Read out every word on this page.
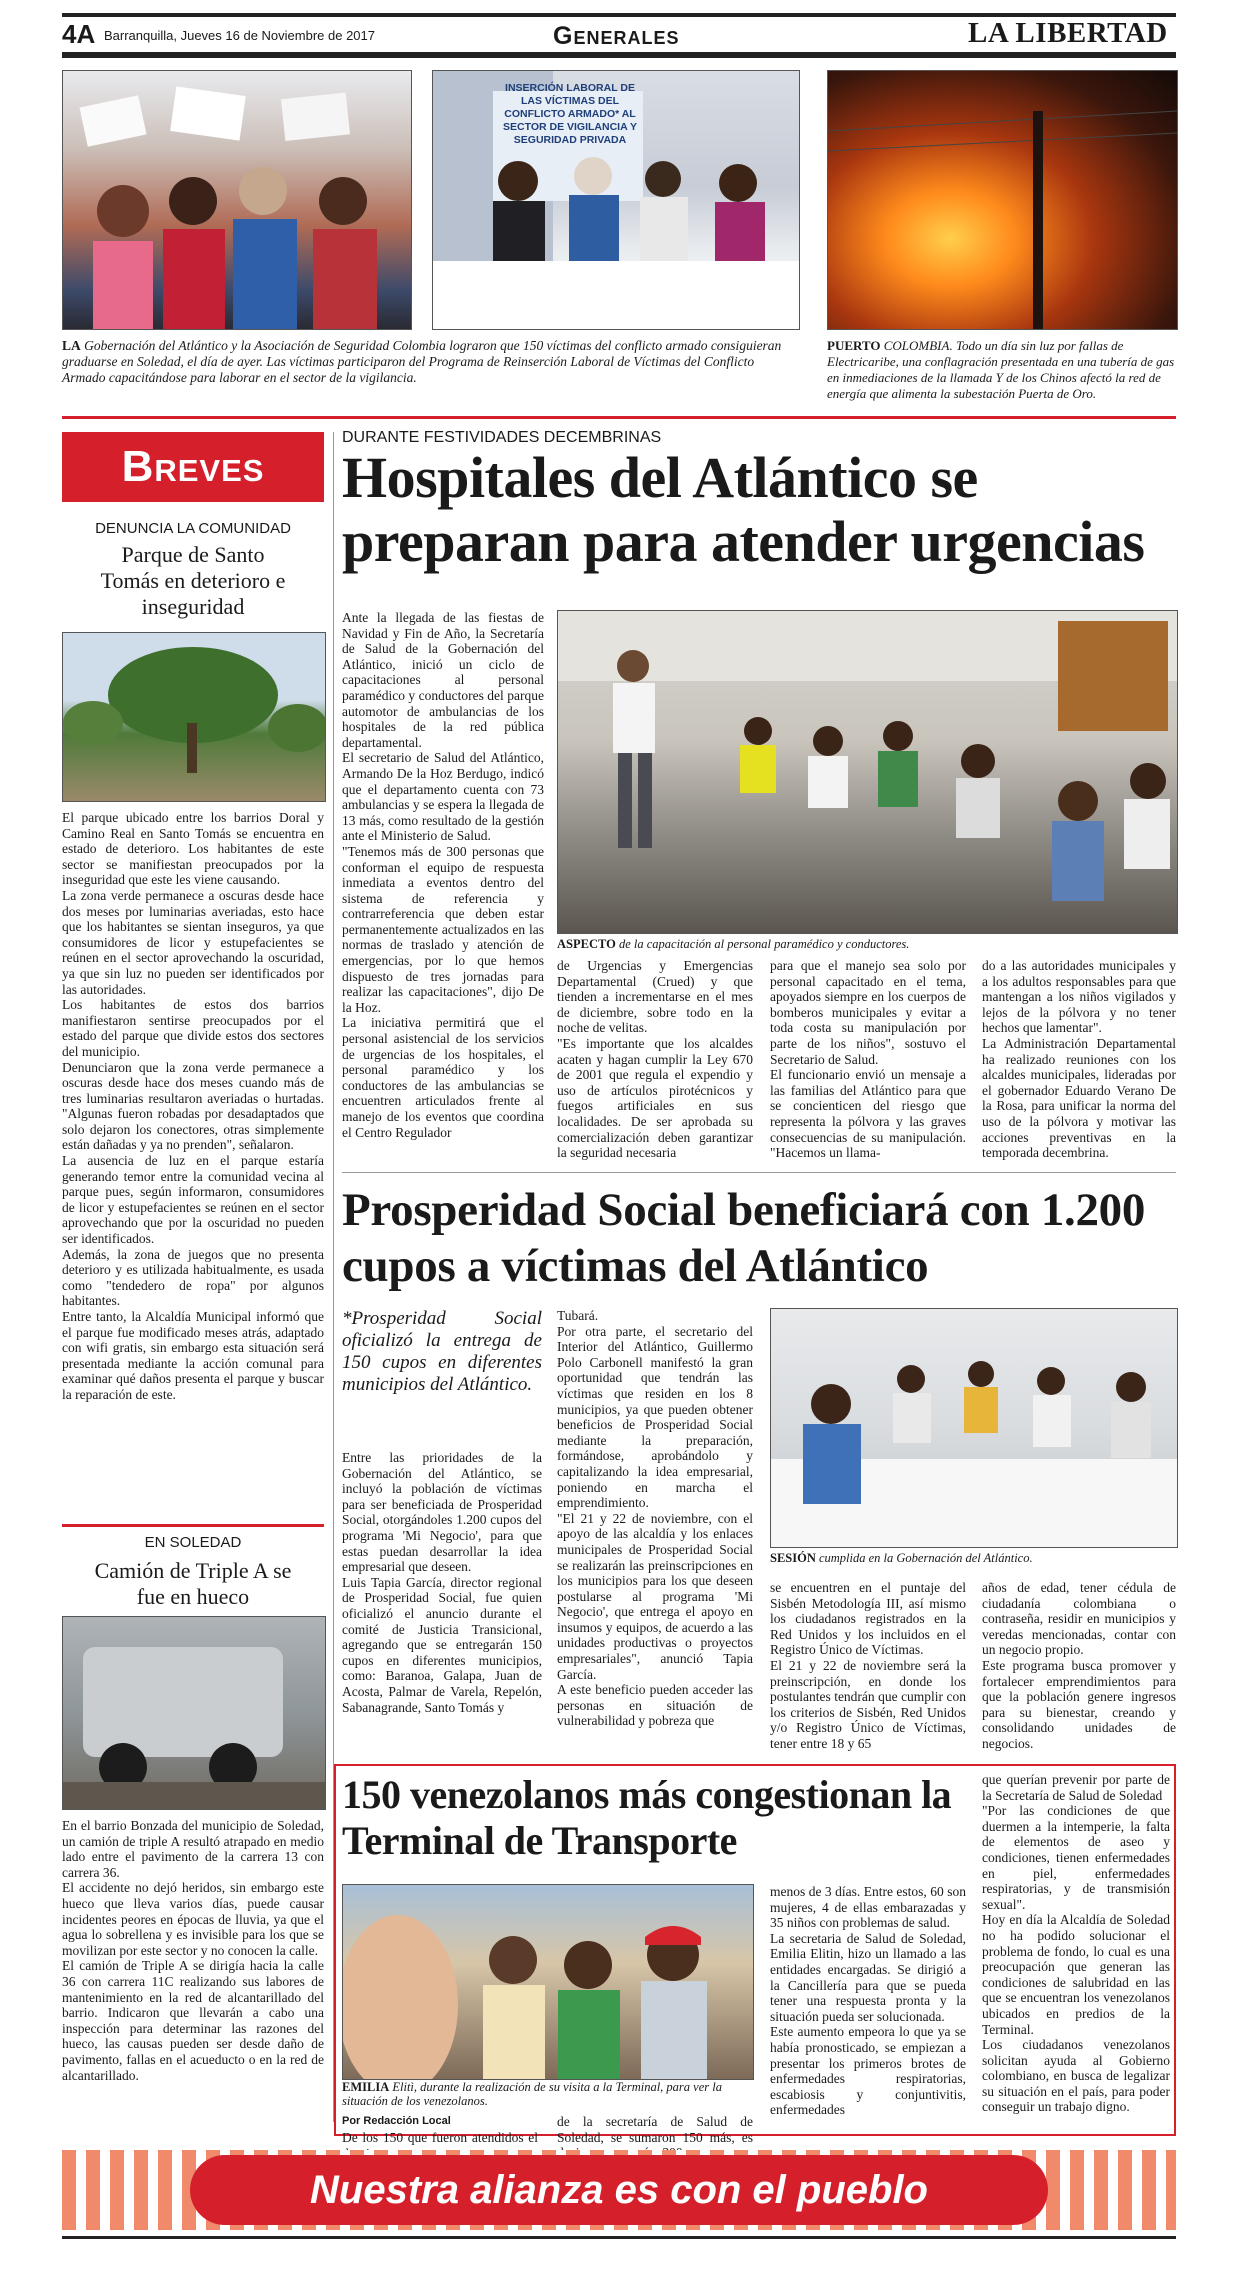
4A Barranquilla, Jueves 16 de Noviembre de 2017	Generales	LA LIBERTAD
INSERCIÓN LABORAL DE LAS VÍCTIMAS DEL CONFLICTO ARMADO* AL SECTOR DE VIGILANCIA Y SEGURIDAD PRIVADA
LA Gobernación del Atlántico y la Asociación de Seguridad Colombia lograron que 150 víctimas del conflicto armado consiguieran graduarse en Soledad, el día de ayer. Las víctimas participaron del Programa de Reinserción Laboral de Víctimas del Conflicto Armado capacitándose para laborar en el sector de la vigilancia.
PUERTO COLOMBIA. Todo un día sin luz por fallas de Electricaribe, una conflagración presentada en una tubería de gas en inmediaciones de la llamada Y de los Chinos afectó la red de energía que alimenta la subestación Puerta de Oro.
Breves
DENUNCIA LA COMUNIDAD
Parque de Santo Tomás en deterioro e inseguridad
El parque ubicado entre los barrios Doral y Camino Real en Santo Tomás se encuentra en estado de deterioro. Los habitantes de este sector se manifiestan preocupados por la inseguridad que este les viene causando.
La zona verde permanece a oscuras desde hace dos meses por luminarias averiadas, esto hace que los habitantes se sientan inseguros, ya que consumidores de licor y estupefacientes se reúnen en el sector aprovechando la oscuridad, ya que sin luz no pueden ser identificados por las autoridades.
Los habitantes de estos dos barrios manifiestaron sentirse preocupados por el estado del parque que divide estos dos sectores del municipio.
Denunciaron que la zona verde permanece a oscuras desde hace dos meses cuando más de tres luminarias resultaron averiadas o hurtadas. "Algunas fueron robadas por desadaptados que solo dejaron los conectores, otras simplemente están dañadas y ya no prenden", señalaron.
La ausencia de luz en el parque estaría generando temor entre la comunidad vecina al parque pues, según informaron, consumidores de licor y estupefacientes se reúnen en el sector aprovechando que por la oscuridad no pueden ser identificados.
Además, la zona de juegos que no presenta deterioro y es utilizada habitualmente, es usada como "tendedero de ropa" por algunos habitantes.
Entre tanto, la Alcaldía Municipal informó que el parque fue modificado meses atrás, adaptado con wifi gratis, sin embargo esta situación será presentada mediante la acción comunal para examinar qué daños presenta el parque y buscar la reparación de este.
EN SOLEDAD
Camión de Triple A se fue en hueco
En el barrio Bonzada del municipio de Soledad, un camión de triple A resultó atrapado en medio lado entre el pavimento de la carrera 13 con carrera 36.
El accidente no dejó heridos, sin embargo este hueco que lleva varios días, puede causar incidentes peores en épocas de lluvia, ya que el agua lo sobrellena y es invisible para los que se movilizan por este sector y no conocen la calle.
El camión de Triple A se dirigía hacia la calle 36 con carrera 11C realizando sus labores de mantenimiento en la red de alcantarillado del barrio. Indicaron que llevarán a cabo una inspección para determinar las razones del hueco, las causas pueden ser desde daño de pavimento, fallas en el acueducto o en la red de alcantarillado.
DURANTE FESTIVIDADES DECEMBRINAS
Hospitales del Atlántico se preparan para atender urgencias
Ante la llegada de las fiestas de Navidad y Fin de Año, la Secretaría de Salud de la Gobernación del Atlántico, inició un ciclo de capacitaciones al personal paramédico y conductores del parque automotor de ambulancias de los hospitales de la red pública departamental.
El secretario de Salud del Atlántico, Armando De la Hoz Berdugo, indicó que el departamento cuenta con 73 ambulancias y se espera la llegada de 13 más, como resultado de la gestión ante el Ministerio de Salud.
"Tenemos más de 300 personas que conforman el equipo de respuesta inmediata a eventos dentro del sistema de referencia y contrarreferencia que deben estar permanentemente actualizados en las normas de traslado y atención de emergencias, por lo que hemos dispuesto de tres jornadas para realizar las capacitaciones", dijo De la Hoz.
La iniciativa permitirá que el personal asistencial de los servicios de urgencias de los hospitales, el personal paramédico y los conductores de las ambulancias se encuentren articulados frente al manejo de los eventos que coordina el Centro Regulador
ASPECTO de la capacitación al personal paramédico y conductores.
de Urgencias y Emergencias Departamental (Crued) y que tienden a incrementarse en el mes de diciembre, sobre todo en la noche de velitas.
"Es importante que los alcaldes acaten y hagan cumplir la Ley 670 de 2001 que regula el expendio y uso de artículos pirotécnicos y fuegos artificiales en sus localidades. De ser aprobada su comercialización deben garantizar la seguridad necesaria
para que el manejo sea solo por personal capacitado en el tema, apoyados siempre en los cuerpos de bomberos municipales y evitar a toda costa su manipulación por parte de los niños", sostuvo el Secretario de Salud.
El funcionario envió un mensaje a las familias del Atlántico para que se concienticen del riesgo que representa la pólvora y las graves consecuencias de su manipulación. "Hacemos un llama-
do a las autoridades municipales y a los adultos responsables para que mantengan a los niños vigilados y lejos de la pólvora y no tener hechos que lamentar".
La Administración Departamental ha realizado reuniones con los alcaldes municipales, lideradas por el gobernador Eduardo Verano De la Rosa, para unificar la norma del uso de la pólvora y motivar las acciones preventivas en la temporada decembrina.
Prosperidad Social beneficiará con 1.200 cupos a víctimas del Atlántico
*Prosperidad Social oficializó la entrega de 150 cupos en diferentes municipios del Atlántico.
Entre las prioridades de la Gobernación del Atlántico, se incluyó la población de víctimas para ser beneficiada de Prosperidad Social, otorgándoles 1.200 cupos del programa 'Mi Negocio', para que estas puedan desarrollar la idea empresarial que deseen.
Luis Tapia García, director regional de Prosperidad Social, fue quien oficializó el anuncio durante el comité de Justicia Transicional, agregando que se entregarán 150 cupos en diferentes municipios, como: Baranoa, Galapa, Juan de Acosta, Palmar de Varela, Repelón, Sabanagrande, Santo Tomás y
Tubará.
Por otra parte, el secretario del Interior del Atlántico, Guillermo Polo Carbonell manifestó la gran oportunidad que tendrán las víctimas que residen en los 8 municipios, ya que pueden obtener beneficios de Prosperidad Social mediante la preparación, formándose, aprobándolo y capitalizando la idea empresarial, poniendo en marcha el emprendimiento.
"El 21 y 22 de noviembre, con el apoyo de las alcaldía y los enlaces municipales de Prosperidad Social se realizarán las preinscripciones en los municipios para los que deseen postularse al programa 'Mi Negocio', que entrega el apoyo en insumos y equipos, de acuerdo a las unidades productivas o proyectos empresariales", anunció Tapia García.
A este beneficio pueden acceder las personas en situación de vulnerabilidad y pobreza que
SESIÓN cumplida en la Gobernación del Atlántico.
se encuentren en el puntaje del Sisbén Metodología III, así mismo los ciudadanos registrados en la Red Unidos y los incluidos en el Registro Único de Víctimas.
El 21 y 22 de noviembre será la preinscripción, en donde los postulantes tendrán que cumplir con los criterios de Sisbén, Red Unidos y/o Registro Único de Víctimas, tener entre 18 y 65
años de edad, tener cédula de ciudadanía colombiana o contraseña, residir en municipios y veredas mencionadas, contar con un negocio propio.
Este programa busca promover y fortalecer emprendimientos para que la población genere ingresos para su bienestar, creando y consolidando unidades de negocios.
150 venezolanos más congestionan la Terminal de Transporte
EMILIA Elitì, durante la realización de su visita a la Terminal, para ver la situación de los venezolanos.
Por Redacción Local
De los 150 que fueron atendidos el
de la secretaría de Salud de Soledad, se sumaron 150 más, es
menos de 3 días. Entre estos, 60 son mujeres, 4 de ellas embarazadas y 35 niños con problemas de salud.
La secretaria de Salud de Soledad, Emilia Elitin, hizo un llamado a las entidades encargadas. Se dirigió a la Cancillería para que se pueda tener una respuesta pronta y la situación pueda ser solucionada.
Este aumento empeora lo que ya se había pronosticado, se empiezan a presentar los primeros brotes de enfermedades respiratorias, escabiosis y conjuntivitis, enfermedades
que querían prevenir por parte de la Secretaría de Salud de Soledad
"Por las condiciones de que duermen a la intemperie, la falta de elementos de aseo y condiciones, tienen enfermedades en piel, enfermedades respiratorias, y de transmisión sexual".
Hoy en día la Alcaldía de Soledad no ha podido solucionar el problema de fondo, lo cual es una preocupación que generan las condiciones de salubridad en las que se encuentran los venezolanos ubicados en predios de la Terminal.
Los ciudadanos venezolanos solicitan ayuda al Gobierno colombiano, en busca de legalizar su situación en el país, para poder conseguir un trabajo digno.
Nuestra alianza es con el pueblo
